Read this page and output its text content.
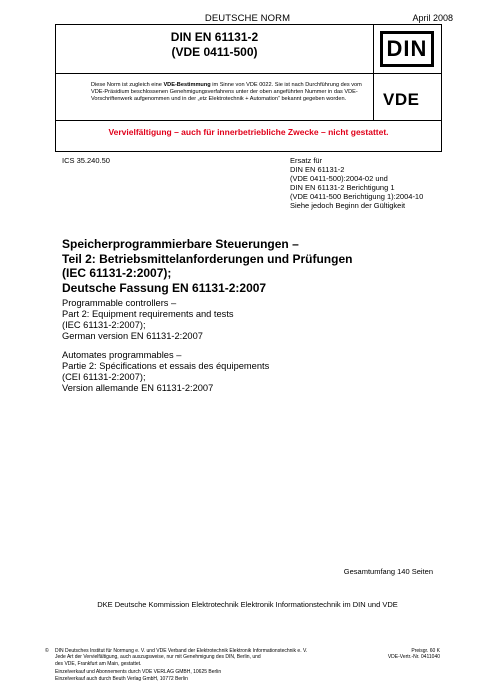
DEUTSCHE NORM	April 2008
DIN EN 61131-2
(VDE 0411-500)	DIN
Diese Norm ist zugleich eine VDE-Bestimmung im Sinne von VDE 0022. Sie ist nach Durchführung des vom VDE-Präsidium beschlossenen Genehmigungsverfahrens unter der oben angeführten Nummer in das VDE-Vorschriftenwerk aufgenommen und in der „etz Elektrotechnik + Automation“ bekannt gegeben worden.	VDE
Vervielfältigung – auch für innerbetriebliche Zwecke – nicht gestattet.
ICS 35.240.50	Ersatz für
DIN EN 61131-2
(VDE 0411-500):2004-02 und
DIN EN 61131-2 Berichtigung 1
(VDE 0411-500 Berichtigung 1):2004-10
Siehe jedoch Beginn der Gültigkeit
Speicherprogrammierbare Steuerungen –
Teil 2: Betriebsmittelanforderungen und Prüfungen
(IEC 61131-2:2007);
Deutsche Fassung EN 61131-2:2007
Programmable controllers –
Part 2: Equipment requirements and tests
(IEC 61131-2:2007);
German version EN 61131-2:2007
Automates programmables –
Partie 2: Spécifications et essais des équipements
(CEI 61131-2:2007);
Version allemande EN 61131-2:2007
Gesamtumfang 140 Seiten
DKE Deutsche Kommission Elektrotechnik Elektronik Informationstechnik im DIN und VDE
© DIN Deutsches Institut für Normung e. V. und VDE Verband der Elektrotechnik Elektronik Informationstechnik e. V.
Jede Art der Vervielfältigung, auch auszugsweise, nur mit Genehmigung des DIN, Berlin, und
des VDE, Frankfurt am Main, gestattet.
Preisgr. 60 K
VDE-Vertr.-Nr. 0411040
Einzelverkauf und Abonnements durch VDE VERLAG GMBH, 10625 Berlin
Einzelverkauf auch durch Beuth Verlag GmbH, 10772 Berlin
